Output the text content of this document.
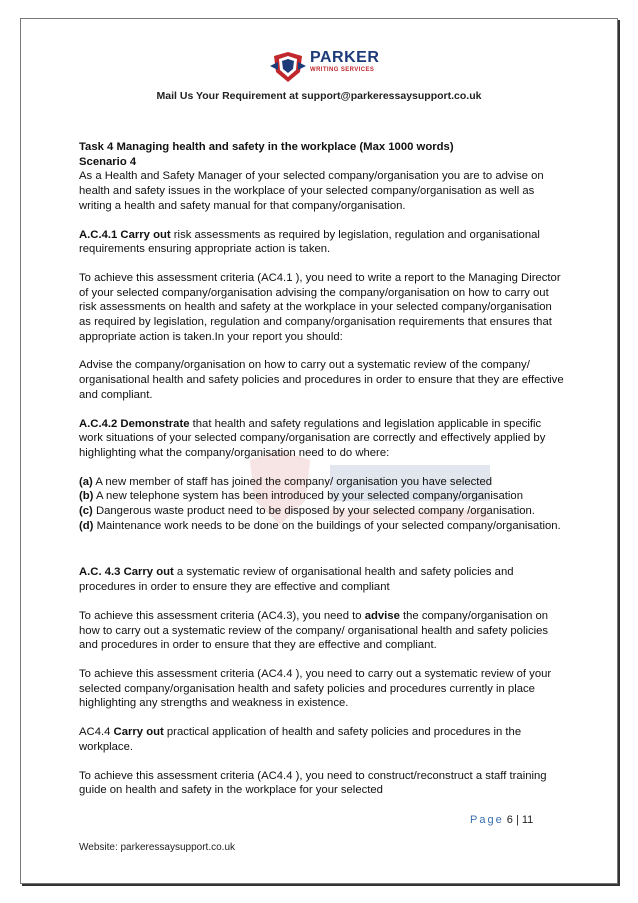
PARKER
WRITING SERVICES
Mail Us Your Requirement at support@parkeressaysupport.co.uk

Task 4 Managing health and safety in the workplace (Max 1000 words)

Scenario 4

As a Health and Safety Manager of your selected company/organisation you are to advise on health and safety issues in the workplace of your selected company/organisation as well as writing a health and safety manual for that company/organisation.

A.C.4.1 Carry out risk assessments as required by legislation, regulation and organisational requirements ensuring appropriate action is taken.

To achieve this assessment criteria (AC4.1 ), you need to write a report to the Managing Director of your selected company/organisation advising the company/organisation on how to carry out risk assessments on health and safety at the workplace in your selected company/organisation as required by legislation, regulation and company/organisation requirements that ensures that appropriate action is taken.In your report you should:

Advise the company/organisation on how to carry out a systematic review of the company/ organisational health and safety policies and procedures in order to ensure that they are effective and compliant.

A.C.4.2 Demonstrate that health and safety regulations and legislation applicable in specific work situations of your selected company/organisation are correctly and effectively applied by highlighting what the company/organisation need to do where:

(a) A new member of staff has joined the company/ organisation you have selected

(b) A new telephone system has been introduced by your selected company/organisation

(c) Dangerous waste product need to be disposed by your selected company /organisation.

(d) Maintenance work needs to be done on the buildings of your selected company/organisation.

A.C. 4.3 Carry out a systematic review of organisational health and safety policies and procedures in order to ensure they are effective and compliant

To achieve this assessment criteria (AC4.3), you need to advise the company/organisation on how to carry out a systematic review of the company/ organisational health and safety policies and procedures in order to ensure that they are effective and compliant.

To achieve this assessment criteria (AC4.4 ), you need to carry out a systematic review of your selected company/organisation health and safety policies and procedures currently in place highlighting any strengths and weakness in existence.

AC4.4 Carry out practical application of health and safety policies and procedures in the workplace.

To achieve this assessment criteria (AC4.4 ), you need to construct/reconstruct a staff training guide on health and safety in the workplace for your selected

Page 6 | 11
Website: parkeressaysupport.co.uk
